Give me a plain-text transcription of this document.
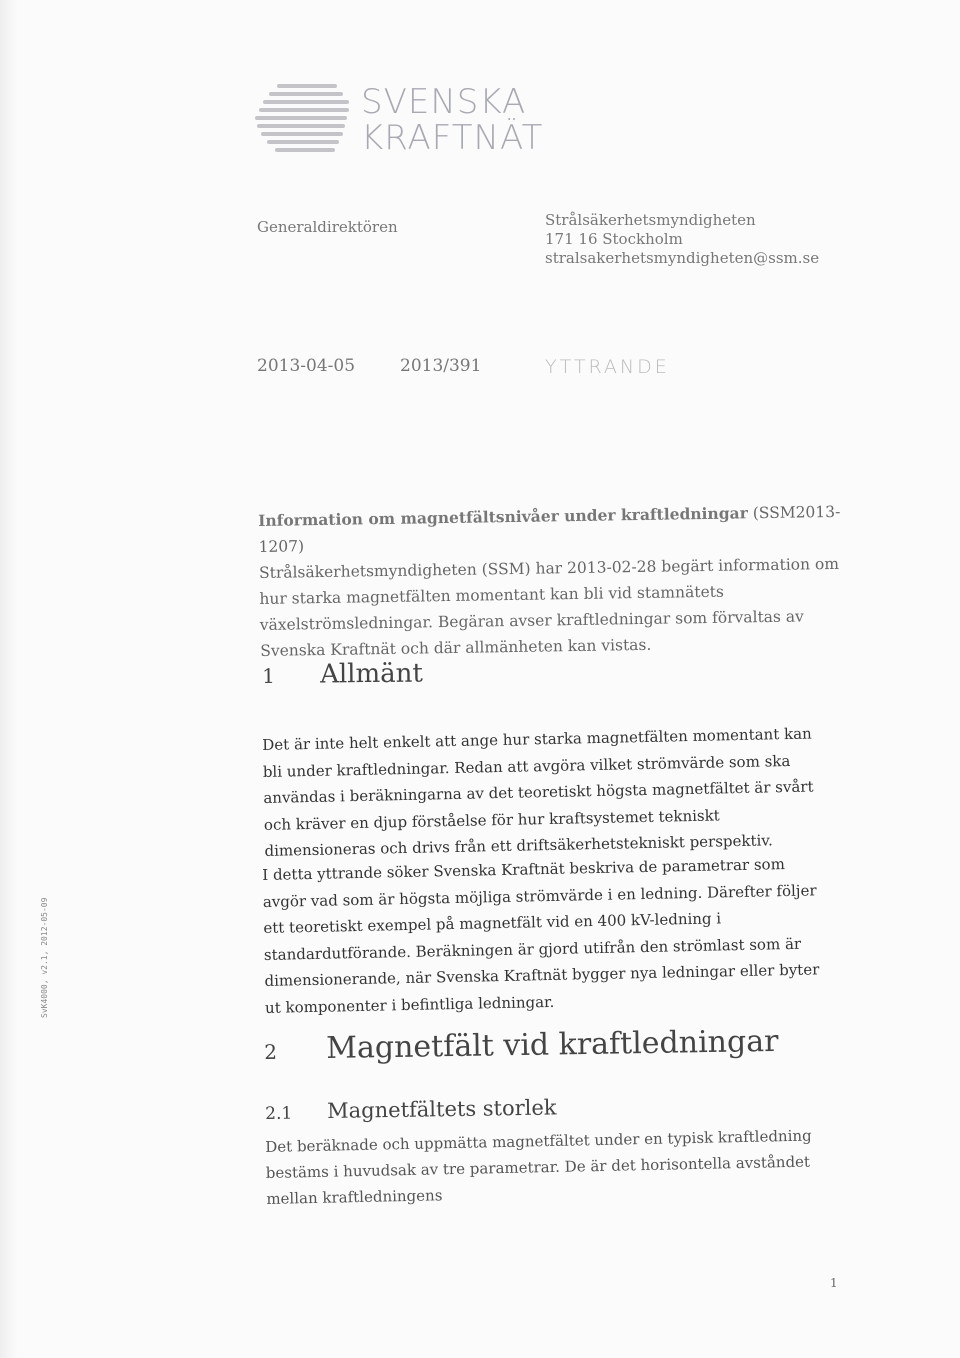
SVENSKA
KRAFTNÄT
Generaldirektören	Strålsäkerhetsmyndigheten
171 16 Stockholm
stralsakerhetsmyndigheten@ssm.se
2013-04-05	2013/391	YTTRANDE
Information om magnetfältsnivåer under kraftledningar (SSM2013-1207)
Strålsäkerhetsmyndigheten (SSM) har 2013-02-28 begärt information om hur starka magnetfälten momentant kan bli vid stamnätets växelströmsledningar. Begäran avser kraftledningar som förvaltas av Svenska Kraftnät och där allmänheten kan vistas.
1 Allmänt
Det är inte helt enkelt att ange hur starka magnetfälten momentant kan bli under kraftledningar. Redan att avgöra vilket strömvärde som ska användas i beräkningarna av det teoretiskt högsta magnetfältet är svårt och kräver en djup förståelse för hur kraftsystemet tekniskt dimensioneras och drivs från ett driftsäkerhetstekniskt perspektiv.
I detta yttrande söker Svenska Kraftnät beskriva de parametrar som avgör vad som är högsta möjliga strömvärde i en ledning. Därefter följer ett teoretiskt exempel på magnetfält vid en 400 kV-ledning i standardutförande. Beräkningen är gjord utifrån den strömlast som är dimensionerande, när Svenska Kraftnät bygger nya ledningar eller byter ut komponenter i befintliga ledningar.
2 Magnetfält vid kraftledningar
2.1 Magnetfältets storlek
Det beräknade och uppmätta magnetfältet under en typisk kraftledning bestäms i huvudsak av tre parametrar. De är det horisontella avståndet mellan kraftledningens
SvK4000, v2.1, 2012-05-09
1
